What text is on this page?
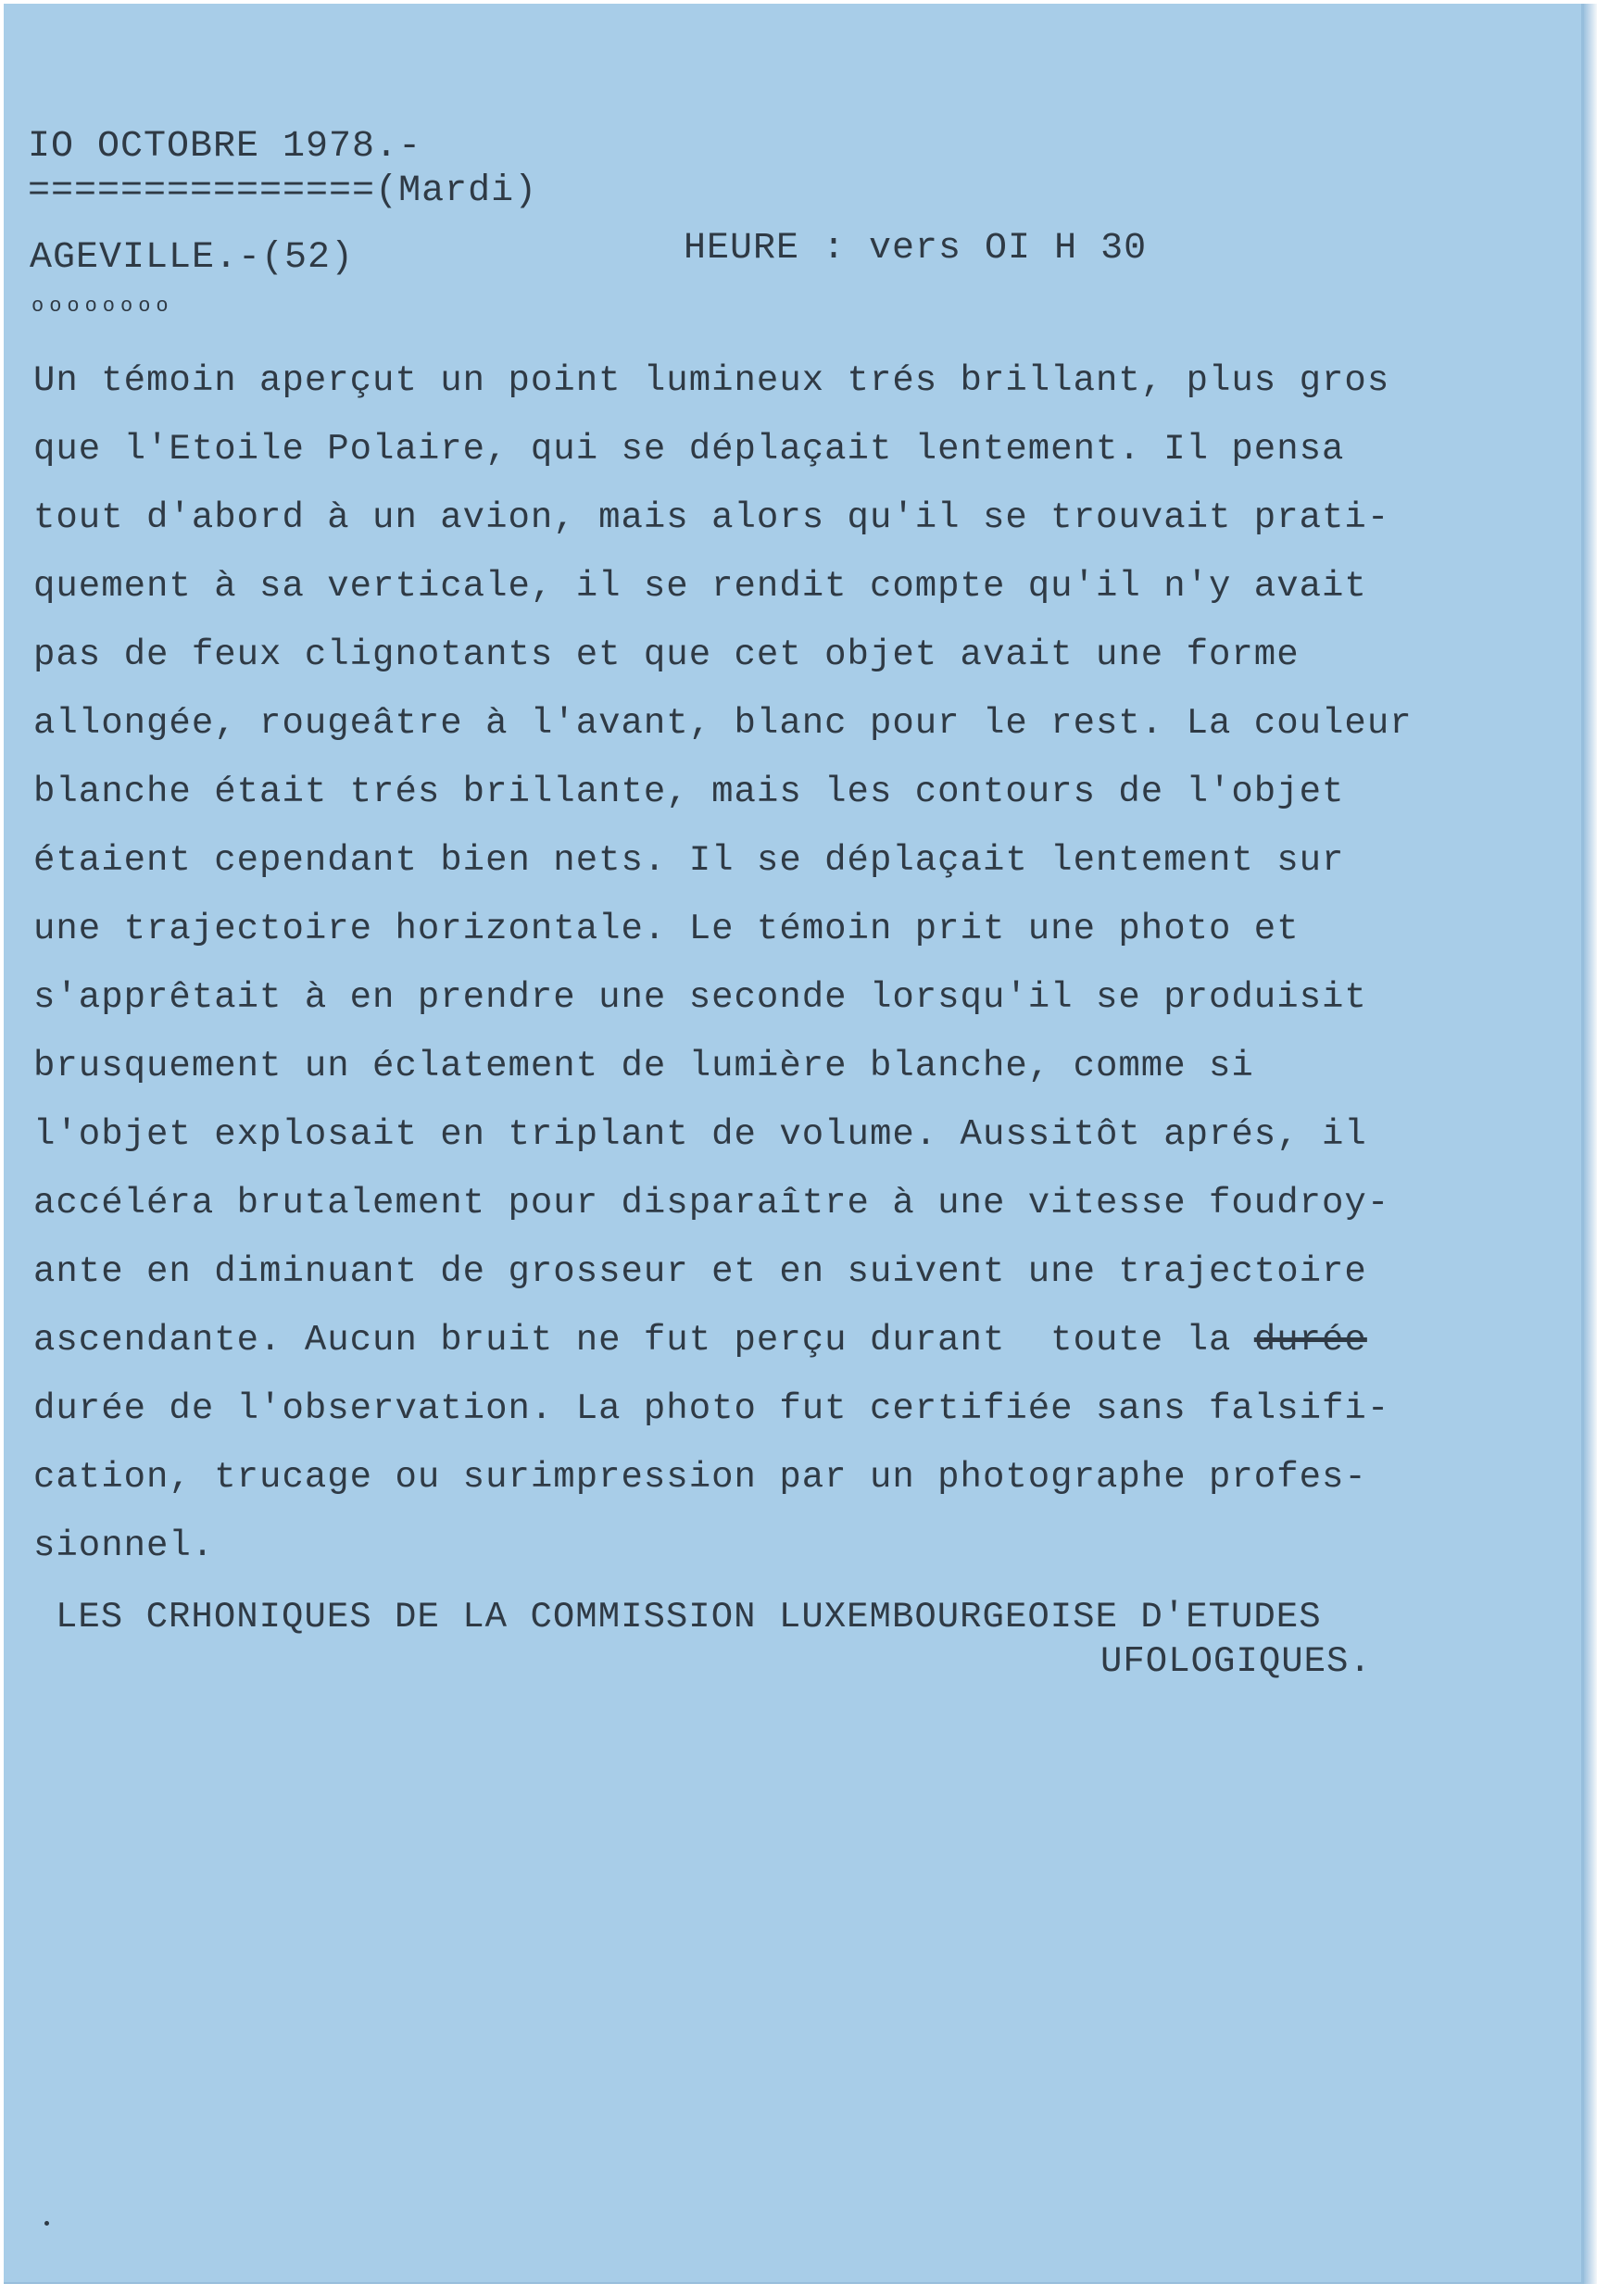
IO OCTOBRE 1978.-

===============(Mardi)

AGEVILLE.-(52)

oooooooo

HEURE : vers OI H 30

Un témoin aperçut un point lumineux trés brillant, plus gros
que l'Etoile Polaire, qui se déplaçait lentement. Il pensa
tout d'abord à un avion, mais alors qu'il se trouvait prati-
quement à sa verticale, il se rendit compte qu'il n'y avait
pas de feux clignotants et que cet objet avait une forme
allongée, rougeâtre à l'avant, blanc pour le rest. La couleur
blanche était trés brillante, mais les contours de l'objet
étaient cependant bien nets. Il se déplaçait lentement sur
une trajectoire horizontale. Le témoin prit une photo et
s'apprêtait à en prendre une seconde lorsqu'il se produisit
brusquement un éclatement de lumière blanche, comme si
l'objet explosait en triplant de volume. Aussitôt aprés, il
accéléra brutalement pour disparaître à une vitesse foudroy-
ante en diminuant de grosseur et en suivent une trajectoire
ascendante. Aucun bruit ne fut perçu durant  toute la durée
durée de l'observation. La photo fut certifiée sans falsifi-
cation, trucage ou surimpression par un photographe profes-
sionnel.

LES CRHONIQUES DE LA COMMISSION LUXEMBOURGEOISE D'ETUDES

UFOLOGIQUES.
